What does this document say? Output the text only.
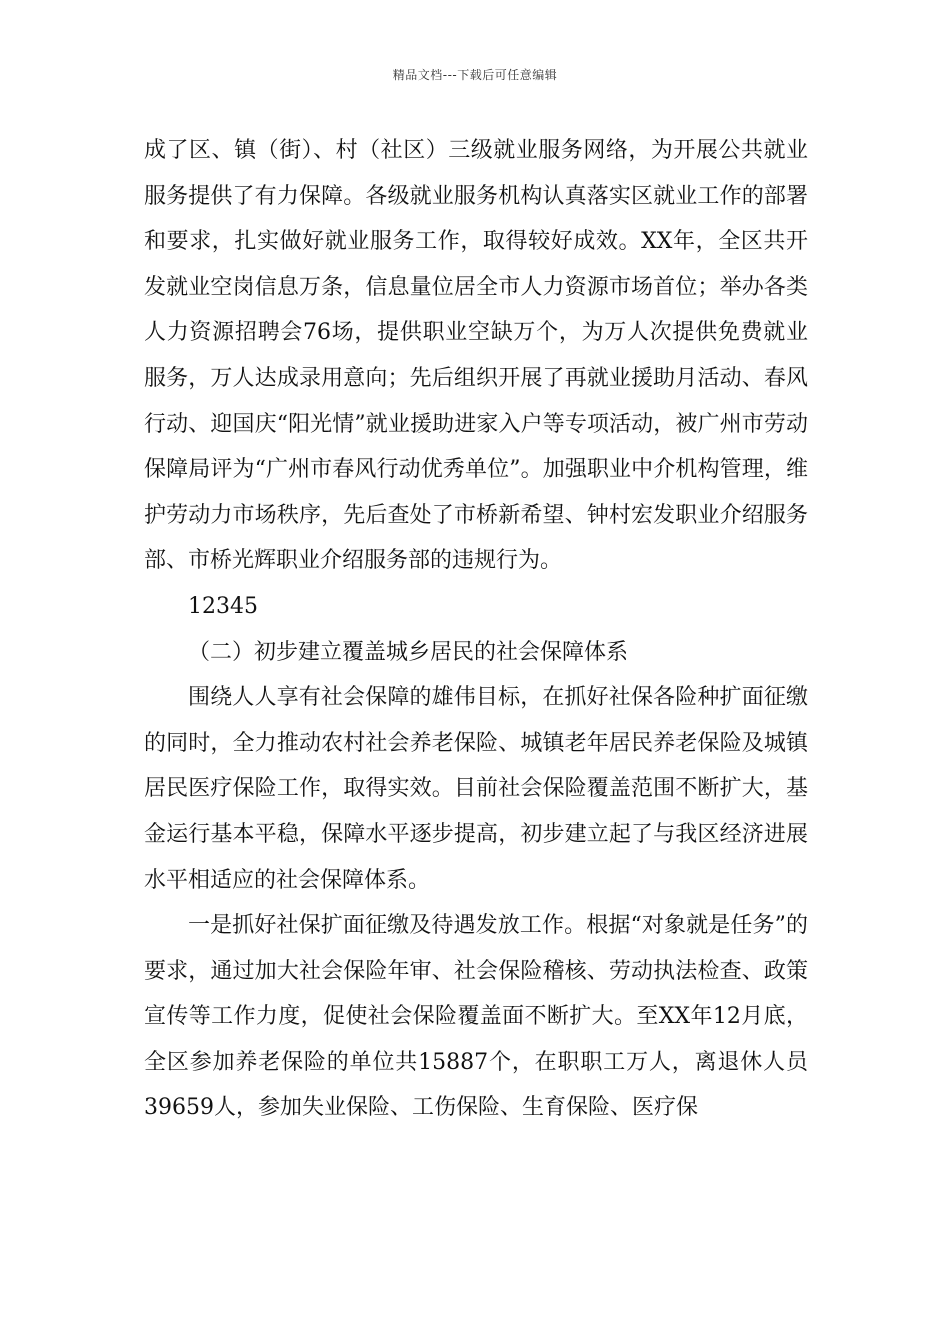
精品文档---下载后可任意编辑

成了区、镇（街）、村（社区）三级就业服务网络，为开展公共就业服务提供了有力保障。各级就业服务机构认真落实区就业工作的部署和要求，扎实做好就业服务工作，取得较好成效。XX年，全区共开发就业空岗信息万条，信息量位居全市人力资源市场首位；举办各类人力资源招聘会76场，提供职业空缺万个，为万人次提供免费就业服务，万人达成录用意向；先后组织开展了再就业援助月活动、春风行动、迎国庆“阳光情”就业援助进家入户等专项活动，被广州市劳动保障局评为“广州市春风行动优秀单位”。加强职业中介机构管理，维护劳动力市场秩序，先后查处了市桥新希望、钟村宏发职业介绍服务部、市桥光辉职业介绍服务部的违规行为。

12345

（二）初步建立覆盖城乡居民的社会保障体系

围绕人人享有社会保障的雄伟目标，在抓好社保各险种扩面征缴的同时，全力推动农村社会养老保险、城镇老年居民养老保险及城镇居民医疗保险工作，取得实效。目前社会保险覆盖范围不断扩大，基金运行基本平稳，保障水平逐步提高，初步建立起了与我区经济进展水平相适应的社会保障体系。

一是抓好社保扩面征缴及待遇发放工作。根据“对象就是任务”的要求，通过加大社会保险年审、社会保险稽核、劳动执法检查、政策宣传等工作力度，促使社会保险覆盖面不断扩大。至XX年12月底，全区参加养老保险的单位共15887个，在职职工万人，离退休人员39659人，参加失业保险、工伤保险、生育保险、医疗保
